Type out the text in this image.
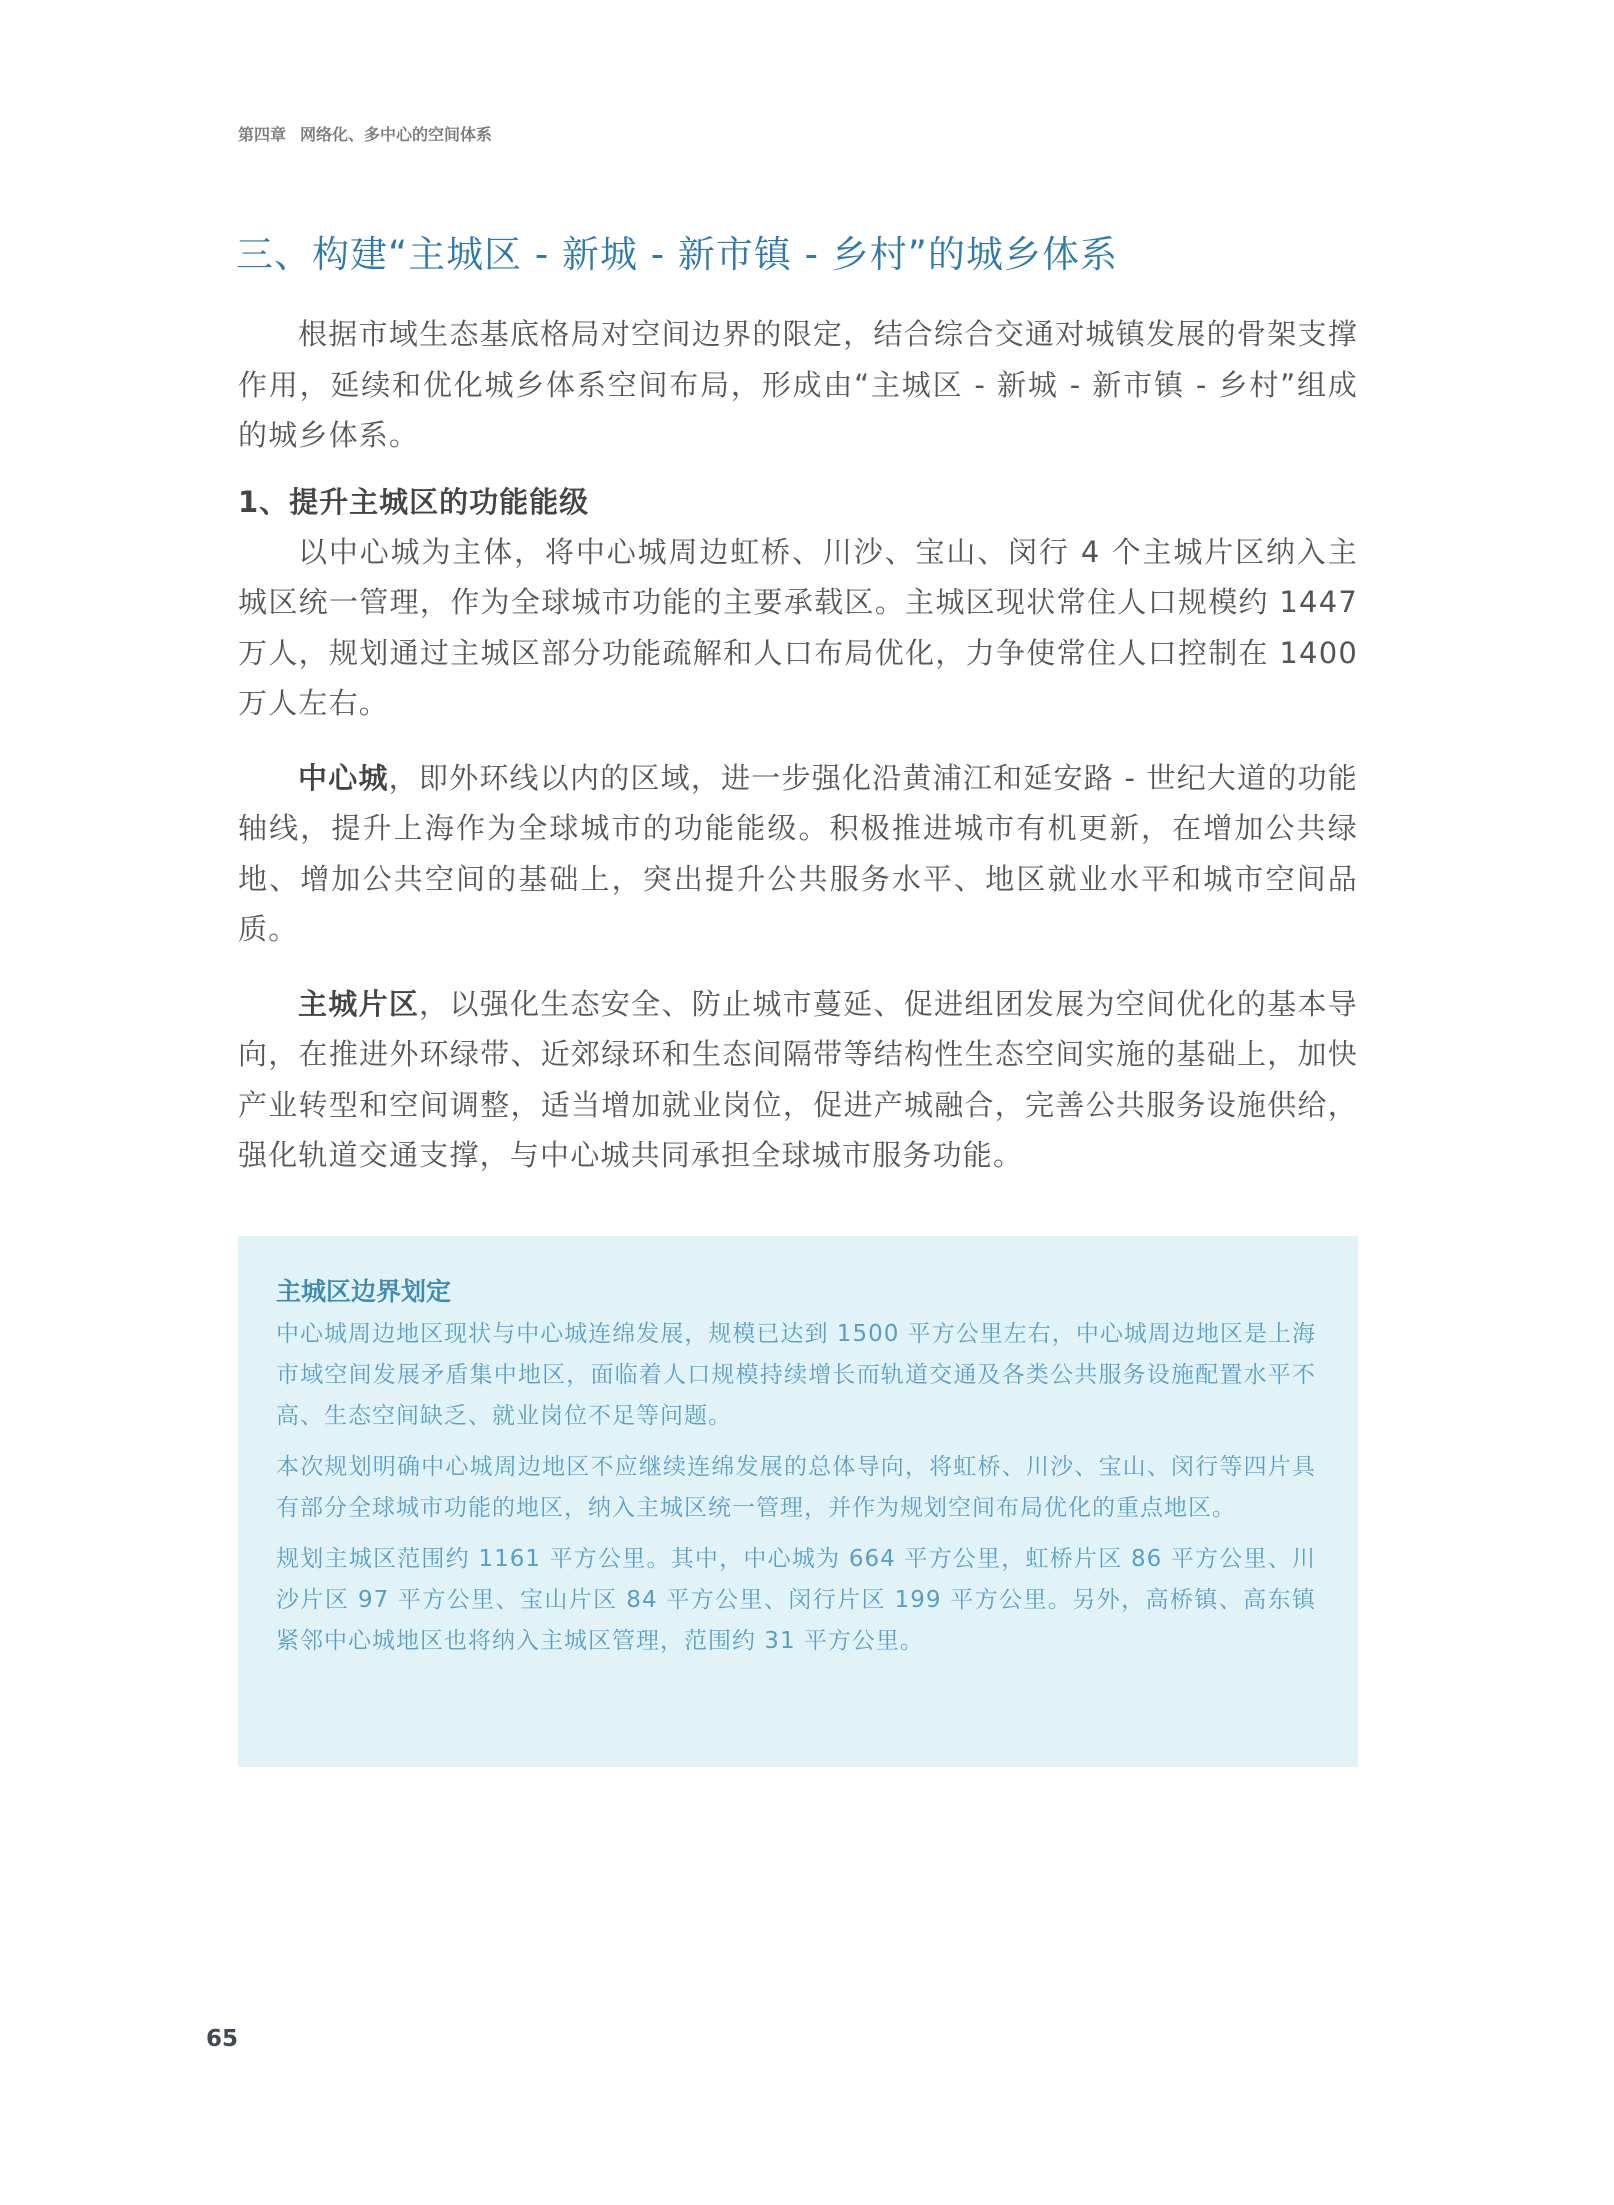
第四章 网络化、多中心的空间体系
三、构建“主城区 - 新城 - 新市镇 - 乡村”的城乡体系

根据市域生态基底格局对空间边界的限定，结合综合交通对城镇发展的骨架支撑作用，延续和优化城乡体系空间布局，形成由“主城区 - 新城 - 新市镇 - 乡村”组成的城乡体系。

1、提升主城区的功能能级

以中心城为主体，将中心城周边虹桥、川沙、宝山、闵行 4 个主城片区纳入主城区统一管理，作为全球城市功能的主要承载区。主城区现状常住人口规模约 1447 万人，规划通过主城区部分功能疏解和人口布局优化，力争使常住人口控制在 1400 万人左右。

中心城，即外环线以内的区域，进一步强化沿黄浦江和延安路 - 世纪大道的功能轴线，提升上海作为全球城市的功能能级。积极推进城市有机更新，在增加公共绿地、增加公共空间的基础上，突出提升公共服务水平、地区就业水平和城市空间品质。

主城片区，以强化生态安全、防止城市蔓延、促进组团发展为空间优化的基本导向，在推进外环绿带、近郊绿环和生态间隔带等结构性生态空间实施的基础上，加快产业转型和空间调整，适当增加就业岗位，促进产城融合，完善公共服务设施供给，强化轨道交通支撑，与中心城共同承担全球城市服务功能。

主城区边界划定

中心城周边地区现状与中心城连绵发展，规模已达到 1500 平方公里左右，中心城周边地区是上海市域空间发展矛盾集中地区，面临着人口规模持续增长而轨道交通及各类公共服务设施配置水平不高、生态空间缺乏、就业岗位不足等问题。

本次规划明确中心城周边地区不应继续连绵发展的总体导向，将虹桥、川沙、宝山、闵行等四片具有部分全球城市功能的地区，纳入主城区统一管理，并作为规划空间布局优化的重点地区。

规划主城区范围约 1161 平方公里。其中，中心城为 664 平方公里，虹桥片区 86 平方公里、川沙片区 97 平方公里、宝山片区 84 平方公里、闵行片区 199 平方公里。另外，高桥镇、高东镇紧邻中心城地区也将纳入主城区管理，范围约 31 平方公里。

65
